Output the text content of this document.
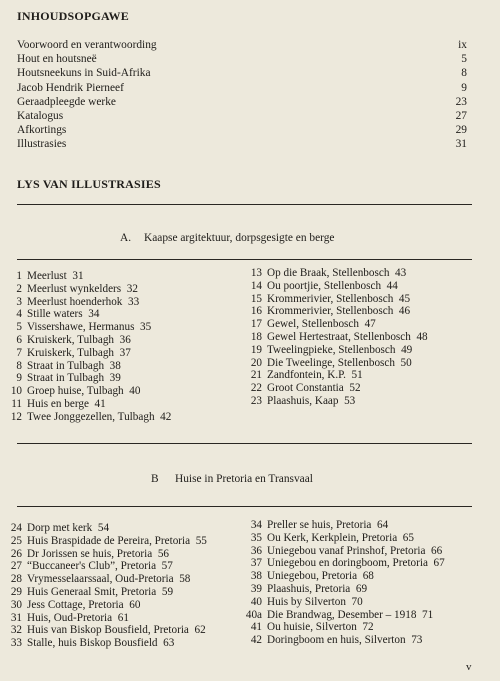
INHOUDSOPGAWE
Voorwoord en verantwoording	ix
Hout en houtsneë	5
Houtsneekuns in Suid-Afrika	8
Jacob Hendrik Pierneef	9
Geraadpleegde werke	23
Katalogus	27
Afkortings	29
Illustrasies	31
LYS VAN ILLUSTRASIES
A. Kaapse argitektuur, dorpsgesigte en berge
1 Meerlust 31
2 Meerlust wynkelders 32
3 Meerlust hoenderhok 33
4 Stille waters 34
5 Vissershawe, Hermanus 35
6 Kruiskerk, Tulbagh 36
7 Kruiskerk, Tulbagh 37
8 Straat in Tulbagh 38
9 Straat in Tulbagh 39
10 Groep huise, Tulbagh 40
11 Huis en berge 41
12 Twee Jonggezellen, Tulbagh 42
13 Op die Braak, Stellenbosch 43
14 Ou poortjie, Stellenbosch 44
15 Krommerivier, Stellenbosch 45
16 Krommerivier, Stellenbosch 46
17 Gewel, Stellenbosch 47
18 Gewel Hertestraat, Stellenbosch 48
19 Tweelingpieke, Stellenbosch 49
20 Die Tweelinge, Stellenbosch 50
21 Zandfontein, K.P. 51
22 Groot Constantia 52
23 Plaashuis, Kaap 53
B Huise in Pretoria en Transvaal
24 Dorp met kerk 54
25 Huis Braspidade de Pereira, Pretoria 55
26 Dr Jorissen se huis, Pretoria 56
27 “Buccaneer's Club”, Pretoria 57
28 Vrymesselaarssaal, Oud-Pretoria 58
29 Huis Generaal Smit, Pretoria 59
30 Jess Cottage, Pretoria 60
31 Huis, Oud-Pretoria 61
32 Huis van Biskop Bousfield, Pretoria 62
33 Stalle, huis Biskop Bousfield 63
34 Preller se huis, Pretoria 64
35 Ou Kerk, Kerkplein, Pretoria 65
36 Uniegebou vanaf Prinshof, Pretoria 66
37 Uniegebou en doringboom, Pretoria 67
38 Uniegebou, Pretoria 68
39 Plaashuis, Pretoria 69
40 Huis by Silverton 70
40a Die Brandwag, Desember – 1918 71
41 Ou huisie, Silverton 72
42 Doringboom en huis, Silverton 73
v
